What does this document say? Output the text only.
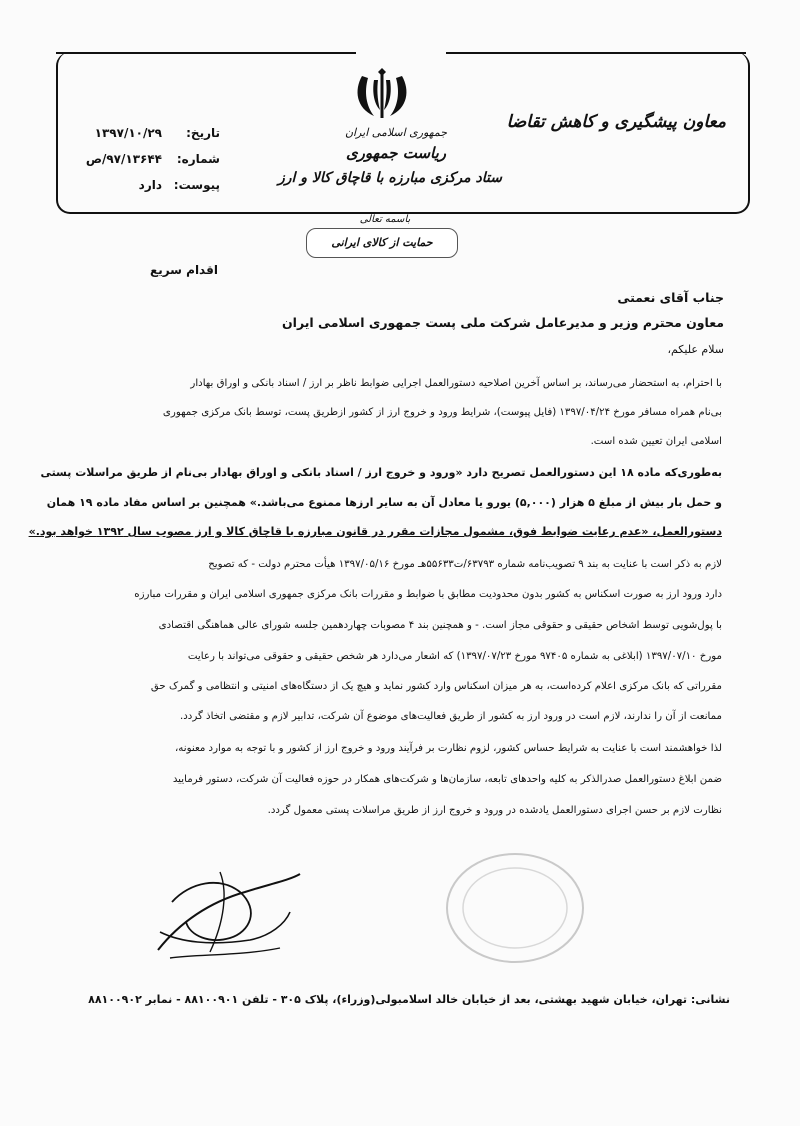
معاون پیشگیری و کاهش تقاضا
جمهوری اسلامی ایران
ریاست جمهوری
ستاد مرکزی مبارزه با قاچاق کالا و ارز
تاریخ:
۱۳۹۷/۱۰/۲۹
شماره:
۹۷/۱۳۶۴۴/ص
پیوست:
دارد
باسمه تعالی
حمایت از کالای ایرانی
اقدام سریع
جناب آقای نعمتی
معاون محترم وزیر و مدیرعامل شرکت ملی پست جمهوری اسلامی ایران
سلام علیکم،
با احترام، به استحضار می‌رساند، بر اساس آخرین اصلاحیه دستورالعمل اجرایی ضوابط ناظر بر ارز / اسناد بانکی و اوراق بهادار
بی‌نام همراه مسافر مورخ ۱۳۹۷/۰۴/۲۴ (فایل پیوست)، شرایط ورود و خروج ارز از کشور ازطریق پست، توسط بانک مرکزی جمهوری
اسلامی ایران تعیین شده است.
به‌طوری‌که ماده ۱۸ این دستورالعمل تصریح دارد «ورود و خروج ارز / اسناد بانکی و اوراق بهادار بی‌نام از طریق مراسلات پستی
و حمل بار بیش از مبلغ ۵ هزار (۵,۰۰۰) یورو یا معادل آن به سایر ارزها ممنوع می‌باشد.» همچنین بر اساس مفاد ماده ۱۹ همان
دستورالعمل، «عدم رعایت ضوابط فوق، مشمول مجازات مقرر در قانون مبارزه با قاچاق کالا و ارز مصوب سال ۱۳۹۲ خواهد بود.»
لازم به ذکر است با عنایت به بند ۹ تصویب‌نامه شماره ۶۳۷۹۳/ت۵۵۶۳۳هـ مورخ ۱۳۹۷/۰۵/۱۶ هیأت محترم دولت - که تصویح
دارد ورود ارز به صورت اسکناس به کشور بدون محدودیت مطابق با ضوابط و مقررات بانک مرکزی جمهوری اسلامی ایران و مقررات مبارزه
با پول‌شویی توسط اشخاص حقیقی و حقوقی مجاز است. - و همچنین بند ۴ مصوبات چهاردهمین جلسه شورای عالی هماهنگی اقتصادی
مورخ ۱۳۹۷/۰۷/۱۰ (ابلاغی به شماره ۹۷۴۰۵ مورخ ۱۳۹۷/۰۷/۲۳) که اشعار می‌دارد هر شخص حقیقی و حقوقی می‌تواند با رعایت
مقرراتی که بانک مرکزی اعلام کرده‌است، به هر میزان اسکناس وارد کشور نماید و هیچ یک از دستگاه‌های امنیتی و انتظامی و گمرک حق
ممانعت از آن را ندارند، لازم است در ورود ارز به کشور از طریق فعالیت‌های موضوع آن شرکت، تدابیر لازم و مقتضی اتخاذ گردد.
لذا خواهشمند است با عنایت به شرایط حساس کشور، لزوم نظارت بر فرآیند ورود و خروج ارز از کشور و با توجه به موارد معنونه،
ضمن ابلاغ دستورالعمل صدرالذکر به کلیه واحدهای تابعه، سازمان‌ها و شرکت‌های همکار در حوزه فعالیت آن شرکت، دستور فرمایید
نظارت لازم بر حسن اجرای دستورالعمل یادشده در ورود و خروج ارز از طریق مراسلات پستی معمول گردد.
نشانی: تهران، خیابان شهید بهشتی، بعد از خیابان خالد اسلامبولی(وزراء)، پلاک ۳۰۵ - تلفن ۸۸۱۰۰۹۰۱ - نمابر ۸۸۱۰۰۹۰۲
